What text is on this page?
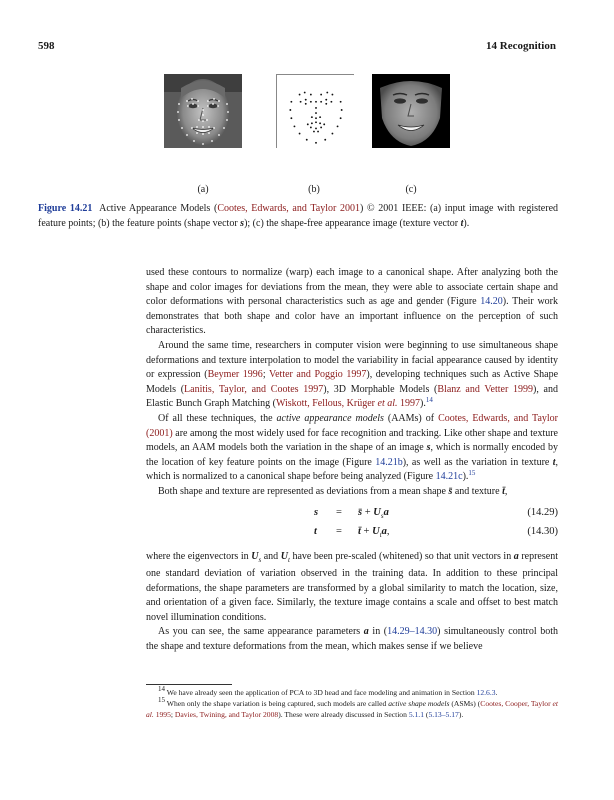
598	14 Recognition
(a)	(b)	(c)
Figure 14.21 Active Appearance Models (Cootes, Edwards, and Taylor 2001) © 2001 IEEE: (a) input image with registered feature points; (b) the feature points (shape vector s); (c) the shape-free appearance image (texture vector t).

used these contours to normalize (warp) each image to a canonical shape. After analyzing both the shape and color images for deviations from the mean, they were able to associate certain shape and color deformations with personal characteristics such as age and gender (Figure 14.20). Their work demonstrates that both shape and color have an important influence on the perception of such characteristics.

Around the same time, researchers in computer vision were beginning to use simultaneous shape deformations and texture interpolation to model the variability in facial appearance caused by identity or expression (Beymer 1996; Vetter and Poggio 1997), developing techniques such as Active Shape Models (Lanitis, Taylor, and Cootes 1997), 3D Morphable Models (Blanz and Vetter 1999), and Elastic Bunch Graph Matching (Wiskott, Fellous, Krüger et al. 1997).$^{14}$

Of all these techniques, the active appearance models (AAMs) of Cootes, Edwards, and Taylor (2001) are among the most widely used for face recognition and tracking. Like other shape and texture models, an AAM models both the variation in the shape of an image s, which is normally encoded by the location of key feature points on the image (Figure 14.21b), as well as the variation in texture t, which is normalized to a canonical shape before being analyzed (Figure 14.21c).$^{15}$

Both shape and texture are represented as deviations from a mean shape s̄ and texture t̄,

s = s̄ + $U_sa$	(14.29)
t = t̄ + $U_ta$,	(14.30)

where the eigenvectors in $U_s$ and $U_t$ have been pre-scaled (whitened) so that unit vectors in a represent one standard deviation of variation observed in the training data. In addition to these principal deformations, the shape parameters are transformed by a global similarity to match the location, size, and orientation of a given face. Similarly, the texture image contains a scale and offset to best match novel illumination conditions.

As you can see, the same appearance parameters a in (14.29–14.30) simultaneously control both the shape and texture deformations from the mean, which makes sense if we believe

$^{14}$ We have already seen the application of PCA to 3D head and face modeling and animation in Section 12.6.3.

$^{15}$ When only the shape variation is being captured, such models are called active shape models (ASMs) (Cootes, Cooper, Taylor et al. 1995; Davies, Twining, and Taylor 2008). These were already discussed in Section 5.1.1 (5.13–5.17).
